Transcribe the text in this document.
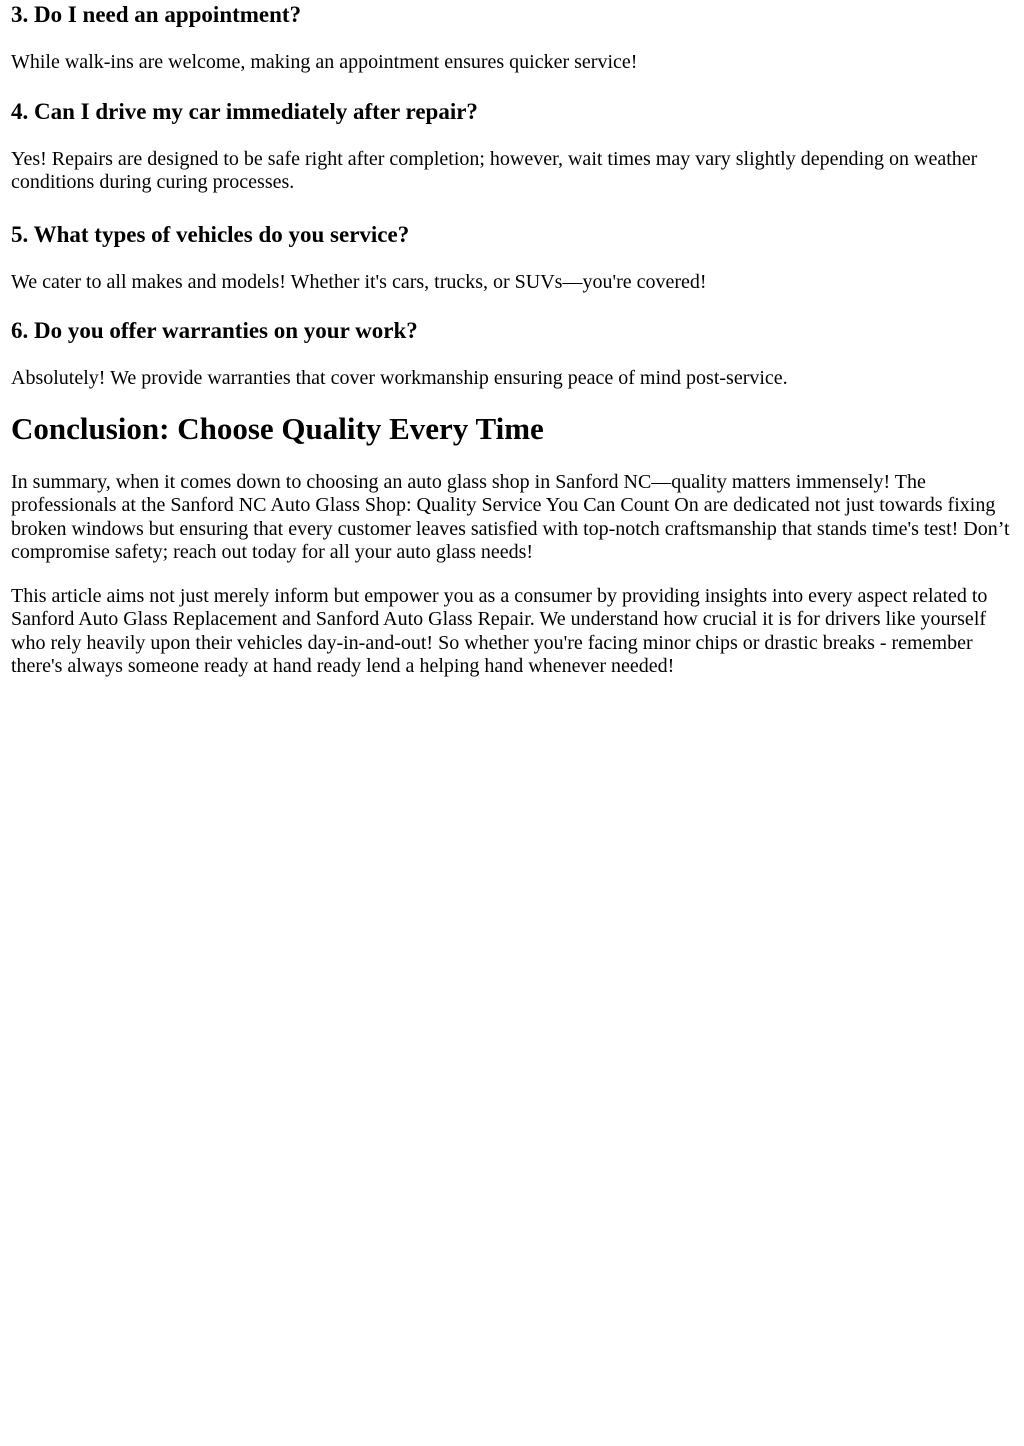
3. Do I need an appointment?

While walk-ins are welcome, making an appointment ensures quicker service!

4. Can I drive my car immediately after repair?

Yes! Repairs are designed to be safe right after completion; however, wait times may vary slightly depending on weather conditions during curing processes.

5. What types of vehicles do you service?

We cater to all makes and models! Whether it's cars, trucks, or SUVs—you're covered!

6. Do you offer warranties on your work?

Absolutely! We provide warranties that cover workmanship ensuring peace of mind post-service.

Conclusion: Choose Quality Every Time

In summary, when it comes down to choosing an auto glass shop in Sanford NC—quality matters immensely! The professionals at the Sanford NC Auto Glass Shop: Quality Service You Can Count On are dedicated not just towards fixing broken windows but ensuring that every customer leaves satisfied with top-notch craftsmanship that stands time's test! Don’t compromise safety; reach out today for all your auto glass needs!

This article aims not just merely inform but empower you as a consumer by providing insights into every aspect related to Sanford Auto Glass Replacement and Sanford Auto Glass Repair. We understand how crucial it is for drivers like yourself who rely heavily upon their vehicles day-in-and-out! So whether you're facing minor chips or drastic breaks - remember there's always someone ready at hand ready lend a helping hand whenever needed!
